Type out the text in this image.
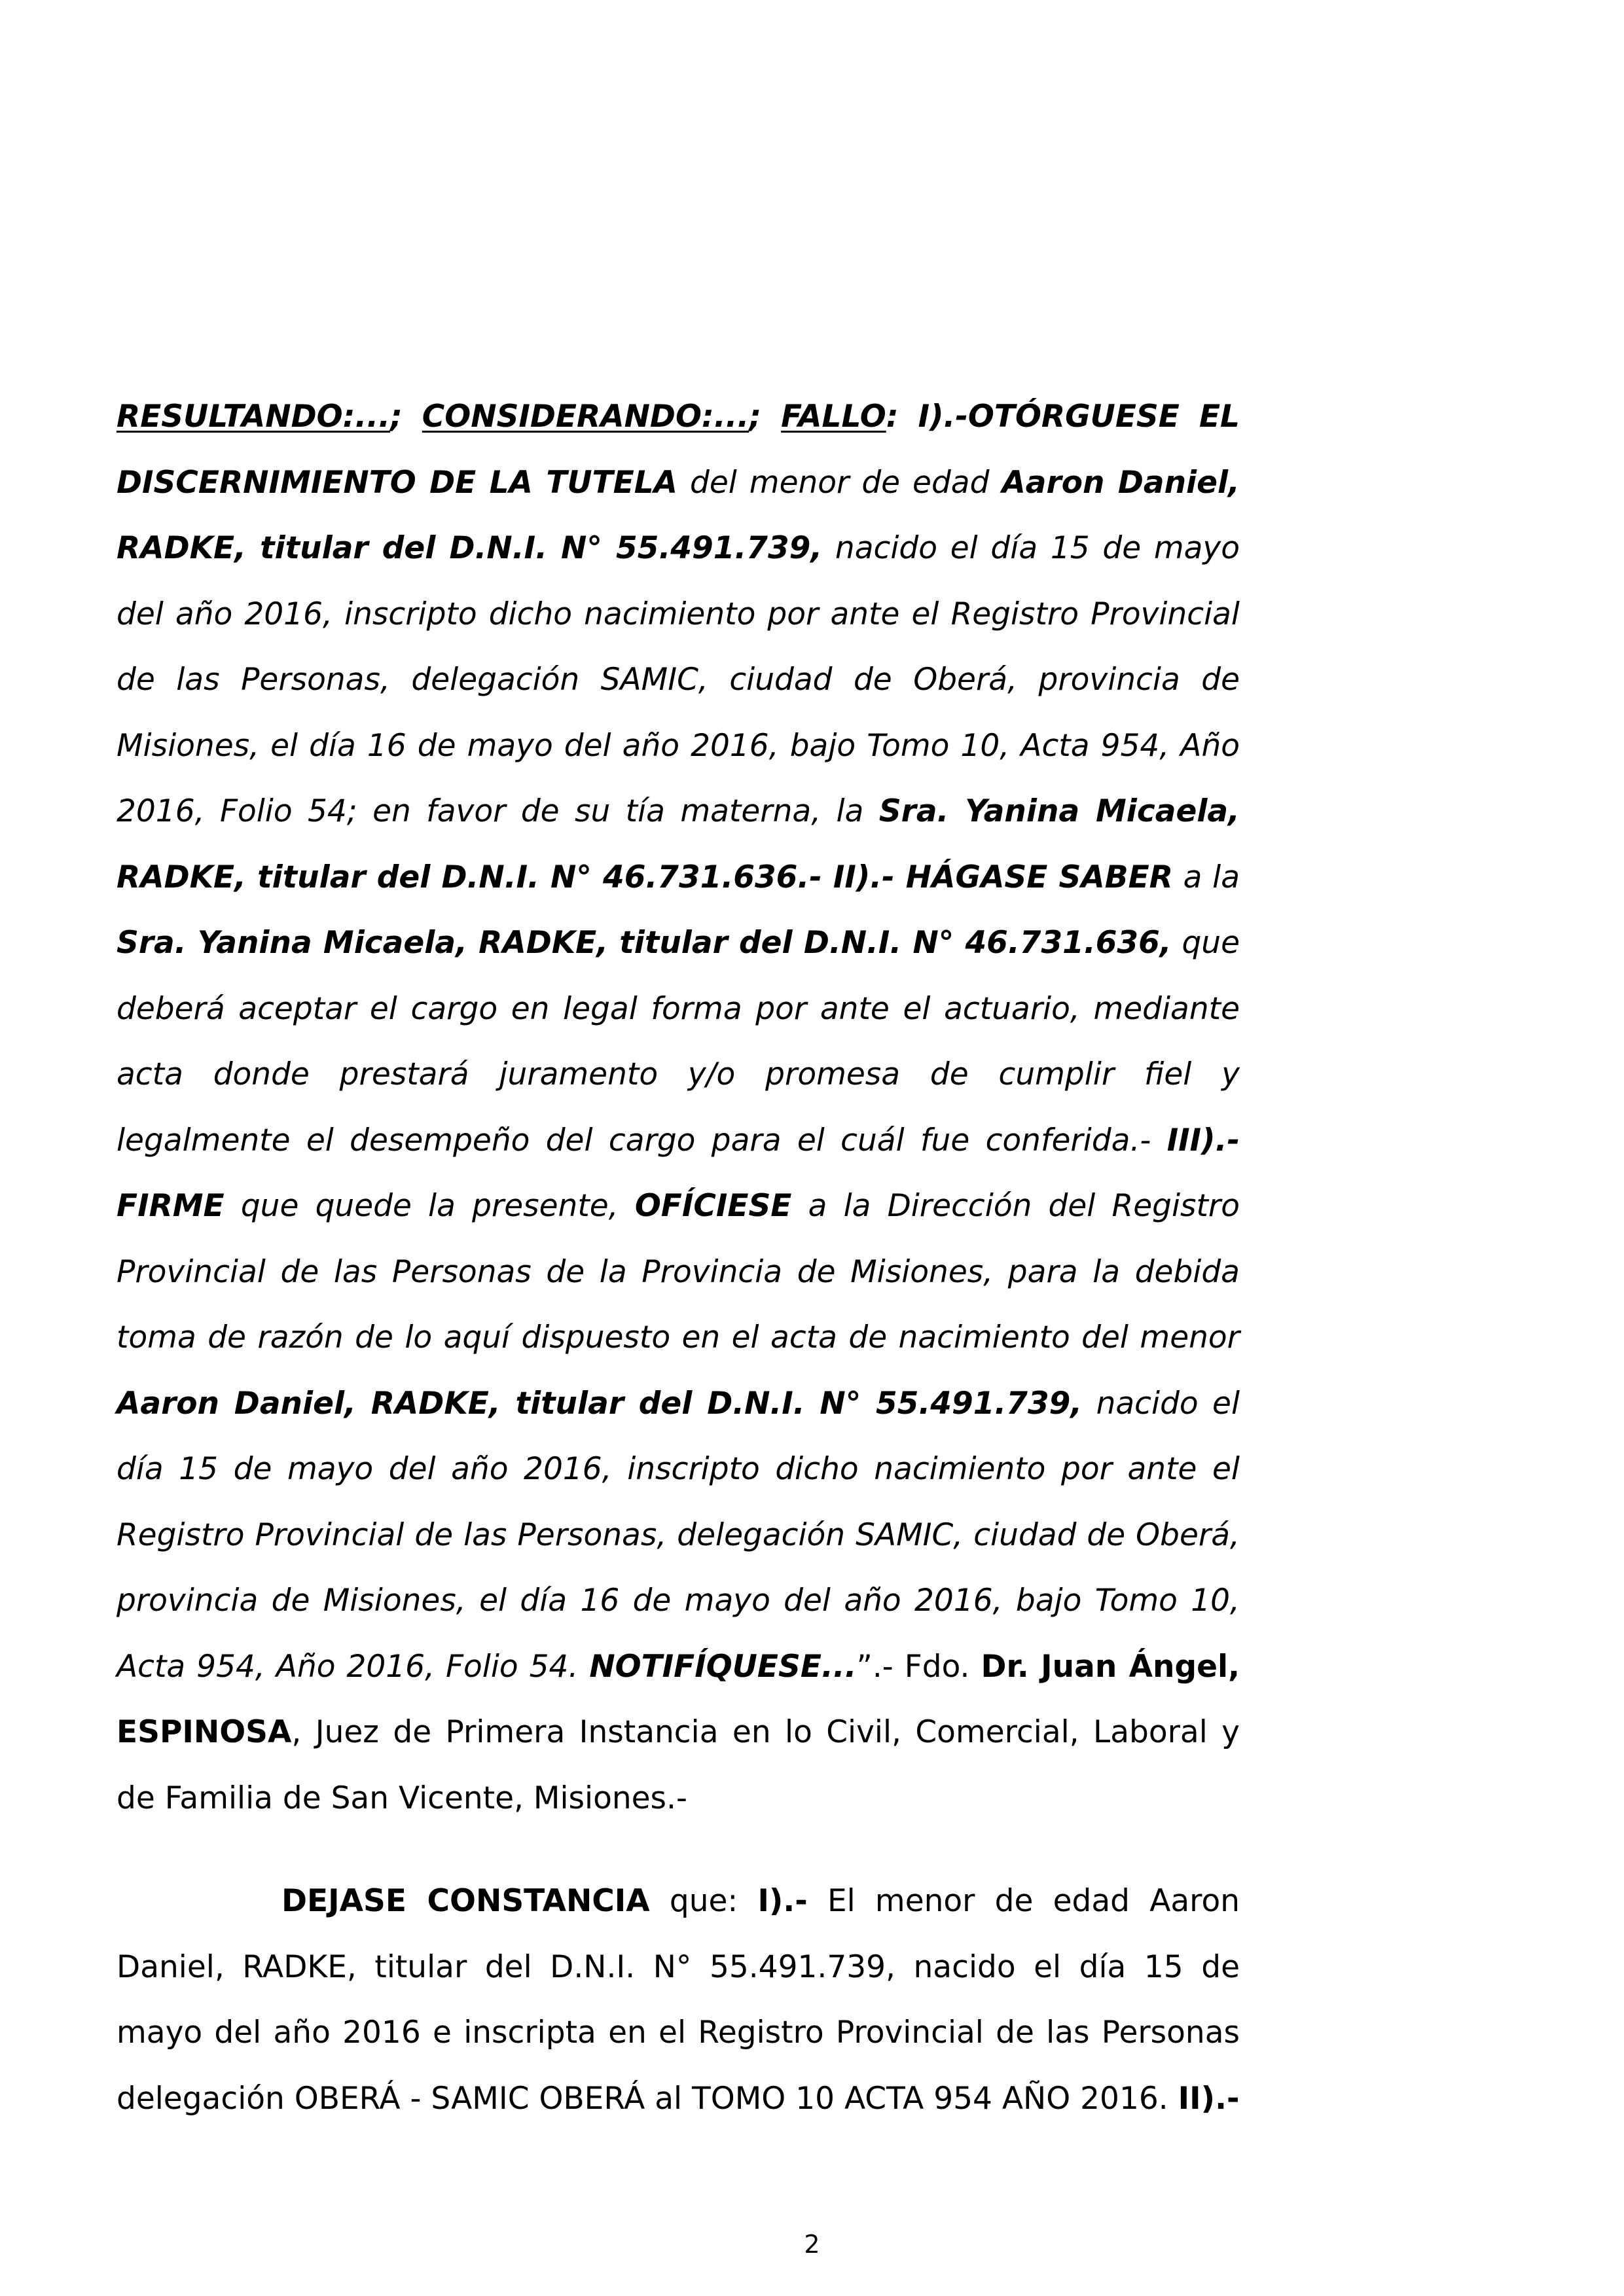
RESULTANDO:...; CONSIDERANDO:...; FALLO: I).-OTÓRGUESE EL DISCERNIMIENTO DE LA TUTELA del menor de edad Aaron Daniel, RADKE, titular del D.N.I. N° 55.491.739, nacido el día 15 de mayo del año 2016, inscripto dicho nacimiento por ante el Registro Provincial de las Personas, delegación SAMIC, ciudad de Oberá, provincia de Misiones, el día 16 de mayo del año 2016, bajo Tomo 10, Acta 954, Año 2016, Folio 54; en favor de su tía materna, la Sra. Yanina Micaela, RADKE, titular del D.N.I. N° 46.731.636.- II).- HÁGASE SABER a la Sra. Yanina Micaela, RADKE, titular del D.N.I. N° 46.731.636, que deberá aceptar el cargo en legal forma por ante el actuario, mediante acta donde prestará juramento y/o promesa de cumplir fiel y legalmente el desempeño del cargo para el cuál fue conferida.- III).- FIRME que quede la presente, OFÍCIESE a la Dirección del Registro Provincial de las Personas de la Provincia de Misiones, para la debida toma de razón de lo aquí dispuesto en el acta de nacimiento del menor Aaron Daniel, RADKE, titular del D.N.I. N° 55.491.739, nacido el día 15 de mayo del año 2016, inscripto dicho nacimiento por ante el Registro Provincial de las Personas, delegación SAMIC, ciudad de Oberá, provincia de Misiones, el día 16 de mayo del año 2016, bajo Tomo 10, Acta 954, Año 2016, Folio 54. NOTIFÍQUESE...”.- Fdo. Dr. Juan Ángel, ESPINOSA, Juez de Primera Instancia en lo Civil, Comercial, Laboral y de Familia de San Vicente, Misiones.-

DEJASE CONSTANCIA que: I).- El menor de edad Aaron Daniel, RADKE, titular del D.N.I. N° 55.491.739, nacido el día 15 de mayo del año 2016 e inscripta en el Registro Provincial de las Personas delegación OBERÁ - SAMIC OBERÁ al TOMO 10 ACTA 954 AÑO 2016. II).-

2
